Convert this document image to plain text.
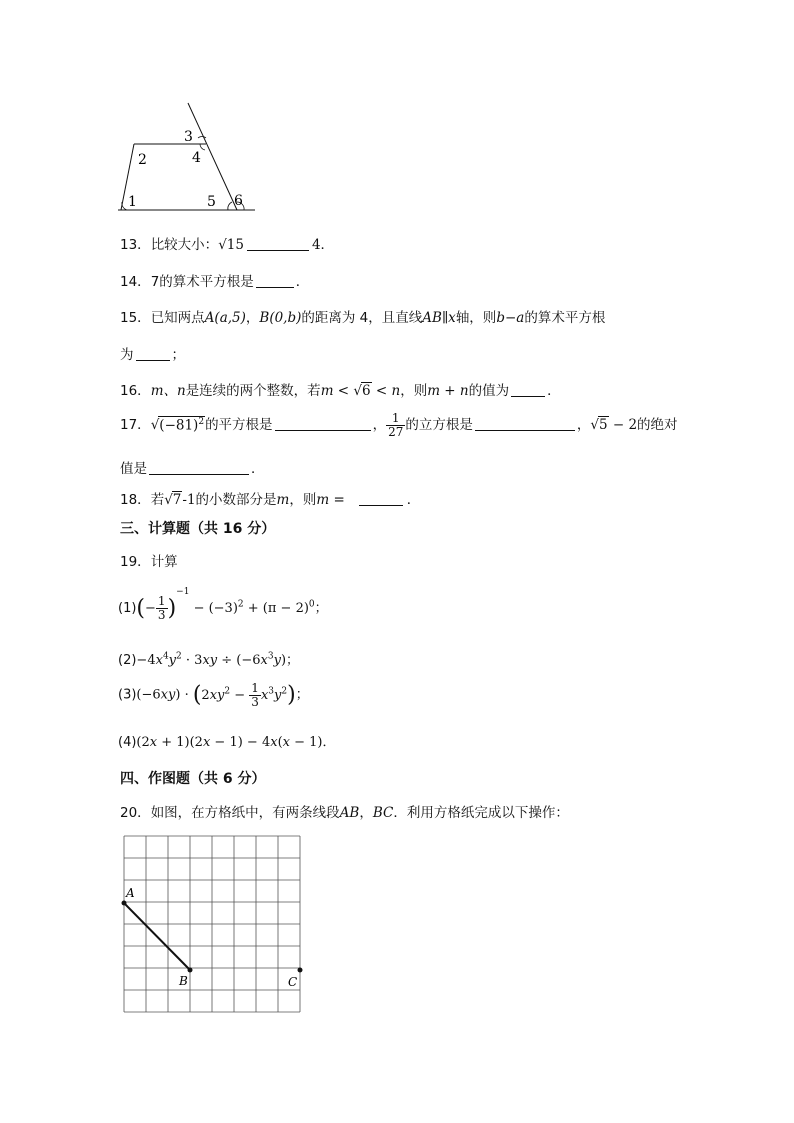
1
2
3
4
5 6
13．比较大小：√15	4．
14．7的算术平方根是	．
15．已知两点A(a,5)，B(0,b)的距离为 4，且直线AB∥x轴，则b−a的算术平方根
为	；
16．m、n是连续的两个整数，若m < √6 < n，则m + n的值为	．
17．$√(-81)^2$的平方根是	， $\frac{1}{27}$ 的立方根是	，√5 − 2的绝对
值是	．
18．若√7-1的小数部分是m，则m =	．
三、计算题（共 16 分）
19．计算
$(1)(- \frac{1}{3} )^{-1} - (-3)^2 + (\pi - 2)^0$；
$(2)-4x^4y^2 \cdot 3xy \div (-6x^3y)$；
$(3)(-6xy) \cdot (2xy^2 - \frac{1}{3} x^3y^2)$；
(4)(2x + 1)(2x − 1) − 4x(x − 1)．
四、作图题（共 6 分）
20．如图，在方格纸中，有两条线段AB，BC．利用方格纸完成以下操作：
A
B	C
